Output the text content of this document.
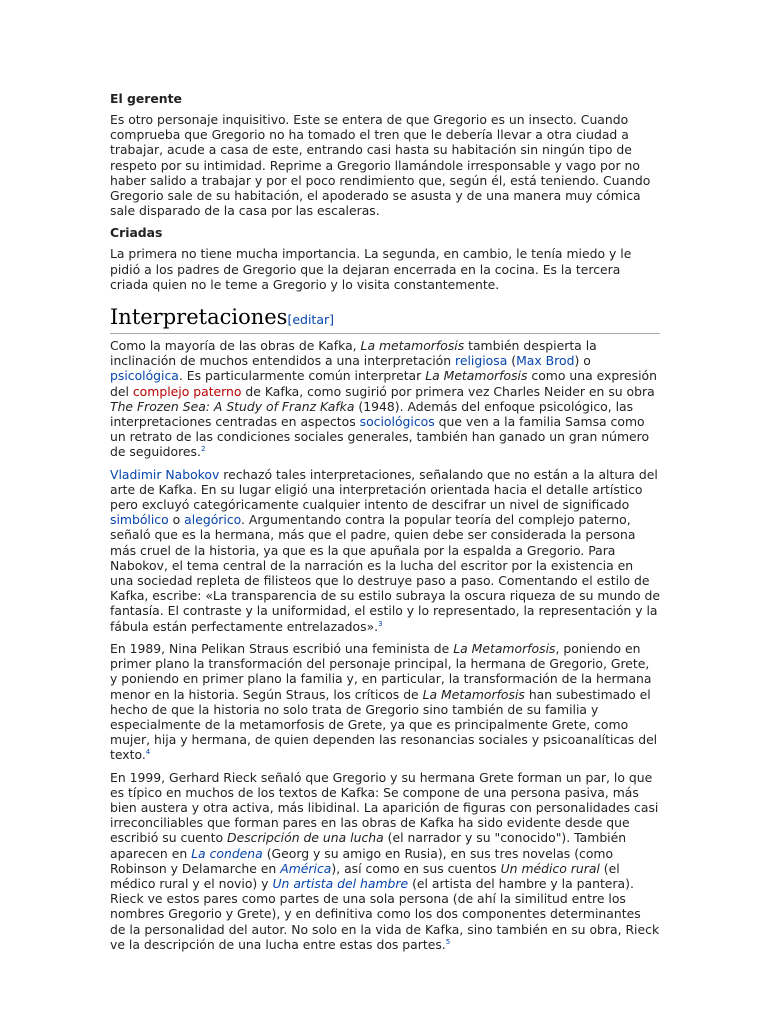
El gerente

Es otro personaje inquisitivo. Este se entera de que Gregorio es un insecto. Cuando comprueba que Gregorio no ha tomado el tren que le debería llevar a otra ciudad a trabajar, acude a casa de este, entrando casi hasta su habitación sin ningún tipo de respeto por su intimidad. Reprime a Gregorio llamándole irresponsable y vago por no haber salido a trabajar y por el poco rendimiento que, según él, está teniendo. Cuando Gregorio sale de su habitación, el apoderado se asusta y de una manera muy cómica sale disparado de la casa por las escaleras.

Criadas

La primera no tiene mucha importancia. La segunda, en cambio, le tenía miedo y le pidió a los padres de Gregorio que la dejaran encerrada en la cocina. Es la tercera criada quien no le teme a Gregorio y lo visita constantemente.

Interpretaciones[editar]

Como la mayoría de las obras de Kafka, La metamorfosis también despierta la inclinación de muchos entendidos a una interpretación religiosa (Max Brod) o psicológica. Es particularmente común interpretar La Metamorfosis como una expresión del complejo paterno de Kafka, como sugirió por primera vez Charles Neider en su obra The Frozen Sea: A Study of Franz Kafka (1948). Además del enfoque psicológico, las interpretaciones centradas en aspectos sociológicos que ven a la familia Samsa como un retrato de las condiciones sociales generales, también han ganado un gran número de seguidores.$^2$

Vladimir Nabokov rechazó tales interpretaciones, señalando que no están a la altura del arte de Kafka. En su lugar eligió una interpretación orientada hacia el detalle artístico pero excluyó categóricamente cualquier intento de descifrar un nivel de significado simbólico o alegórico. Argumentando contra la popular teoría del complejo paterno, señaló que es la hermana, más que el padre, quien debe ser considerada la persona más cruel de la historia, ya que es la que apuñala por la espalda a Gregorio. Para Nabokov, el tema central de la narración es la lucha del escritor por la existencia en una sociedad repleta de filisteos que lo destruye paso a paso. Comentando el estilo de Kafka, escribe: «La transparencia de su estilo subraya la oscura riqueza de su mundo de fantasía. El contraste y la uniformidad, el estilo y lo representado, la representación y la fábula están perfectamente entrelazados».$^3$

En 1989, Nina Pelikan Straus escribió una feminista de La Metamorfosis, poniendo en primer plano la transformación del personaje principal, la hermana de Gregorio, Grete, y poniendo en primer plano la familia y, en particular, la transformación de la hermana menor en la historia. Según Straus, los críticos de La Metamorfosis han subestimado el hecho de que la historia no solo trata de Gregorio sino también de su familia y especialmente de la metamorfosis de Grete, ya que es principalmente Grete, como mujer, hija y hermana, de quien dependen las resonancias sociales y psicoanalíticas del texto.$^4$

En 1999, Gerhard Rieck señaló que Gregorio y su hermana Grete forman un par, lo que es típico en muchos de los textos de Kafka: Se compone de una persona pasiva, más bien austera y otra activa, más libidinal. La aparición de figuras con personalidades casi irreconciliables que forman pares en las obras de Kafka ha sido evidente desde que escribió su cuento Descripción de una lucha (el narrador y su "conocido"). También aparecen en La condena (Georg y su amigo en Rusia), en sus tres novelas (como Robinson y Delamarche en América), así como en sus cuentos Un médico rural (el médico rural y el novio) y Un artista del hambre (el artista del hambre y la pantera). Rieck ve estos pares como partes de una sola persona (de ahí la similitud entre los nombres Gregorio y Grete), y en definitiva como los dos componentes determinantes de la personalidad del autor. No solo en la vida de Kafka, sino también en su obra, Rieck ve la descripción de una lucha entre estas dos partes.$^5$
